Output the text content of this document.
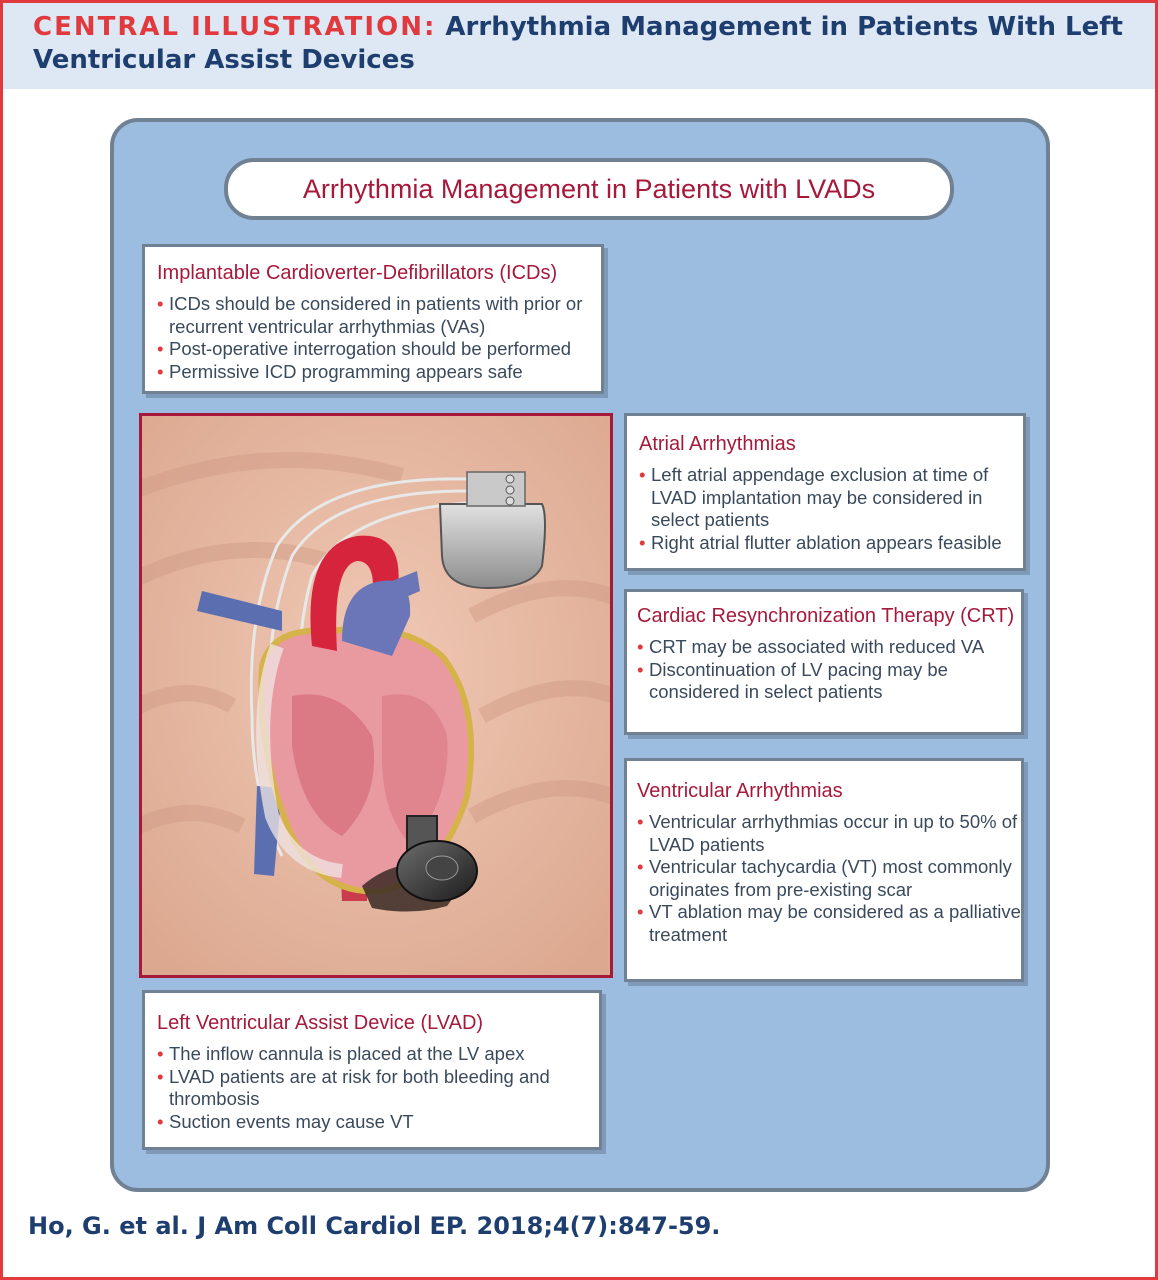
CENTRAL ILLUSTRATION: Arrhythmia Management in Patients With Left Ventricular Assist Devices
Arrhythmia Management in Patients with LVADs
Implantable Cardioverter-Defibrillators (ICDs)
• ICDs should be considered in patients with prior or recurrent ventricular arrhythmias (VAs)
• Post-operative interrogation should be performed
• Permissive ICD programming appears safe
Atrial Arrhythmias
• Left atrial appendage exclusion at time of LVAD implantation may be considered in select patients
• Right atrial flutter ablation appears feasible
Cardiac Resynchronization Therapy (CRT)
• CRT may be associated with reduced VA
• Discontinuation of LV pacing may be considered in select patients
Ventricular Arrhythmias
• Ventricular arrhythmias occur in up to 50% of LVAD patients
• Ventricular tachycardia (VT) most commonly originates from pre-existing scar
• VT ablation may be considered as a palliative treatment
Left Ventricular Assist Device (LVAD)
• The inflow cannula is placed at the LV apex
• LVAD patients are at risk for both bleeding and thrombosis
• Suction events may cause VT
Ho, G. et al. J Am Coll Cardiol EP. 2018;4(7):847-59.
